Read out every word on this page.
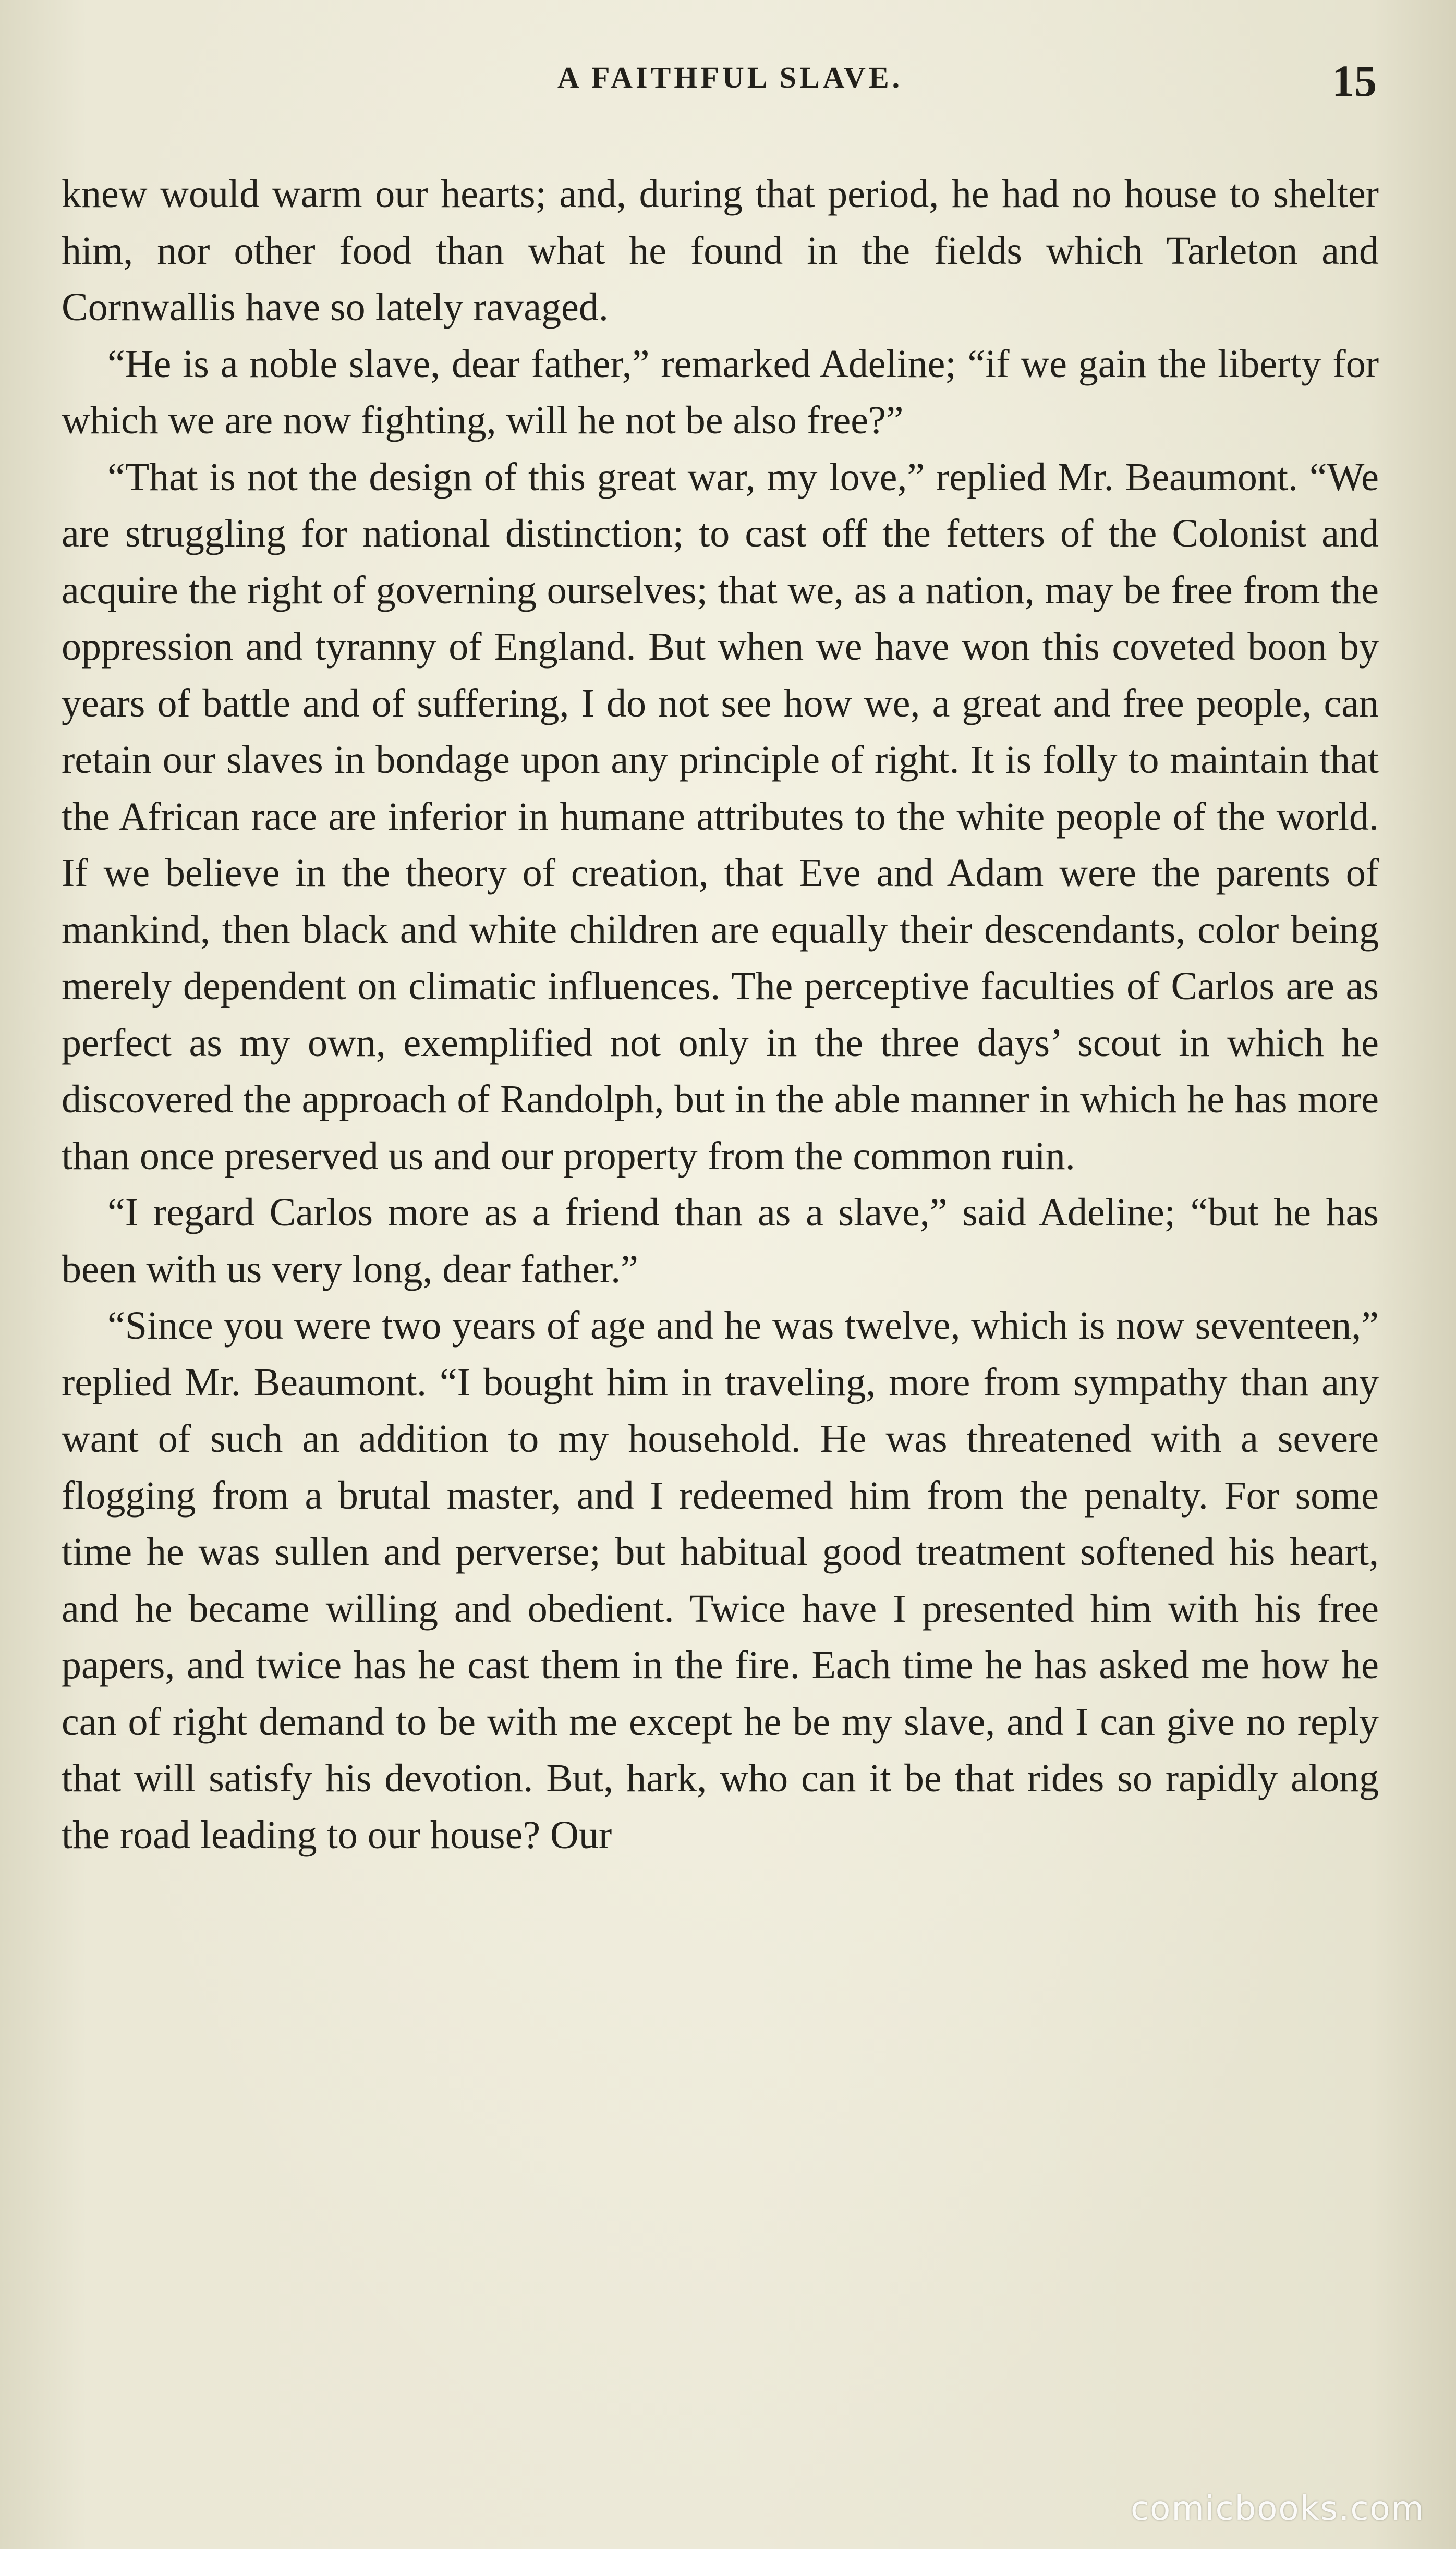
A FAITHFUL SLAVE.	15

knew would warm our hearts; and, during that period, he had no house to shelter him, nor other food than what he found in the fields which Tarleton and Cornwallis have so lately ravaged.

“He is a noble slave, dear father,” remarked Adeline; “if we gain the liberty for which we are now fighting, will he not be also free?”

“That is not the design of this great war, my love,” replied Mr. Beaumont. “We are struggling for national distinction; to cast off the fetters of the Colonist and acquire the right of governing ourselves; that we, as a nation, may be free from the oppression and tyranny of England. But when we have won this coveted boon by years of battle and of suffering, I do not see how we, a great and free people, can retain our slaves in bondage upon any principle of right. It is folly to maintain that the African race are inferior in humane attributes to the white people of the world. If we believe in the theory of creation, that Eve and Adam were the parents of mankind, then black and white children are equally their descendants, color being merely dependent on climatic influences. The perceptive faculties of Carlos are as perfect as my own, exemplified not only in the three days’ scout in which he discovered the approach of Randolph, but in the able manner in which he has more than once preserved us and our property from the common ruin.

“I regard Carlos more as a friend than as a slave,” said Adeline; “but he has been with us very long, dear father.”

“Since you were two years of age and he was twelve, which is now seventeen,” replied Mr. Beaumont. “I bought him in traveling, more from sympathy than any want of such an addition to my household. He was threatened with a severe flogging from a brutal master, and I redeemed him from the penalty. For some time he was sullen and perverse; but habitual good treatment softened his heart, and he became willing and obedient. Twice have I presented him with his free papers, and twice has he cast them in the fire. Each time he has asked me how he can of right demand to be with me except he be my slave, and I can give no reply that will satisfy his devotion. But, hark, who can it be that rides so rapidly along the road leading to our house? Our

comicbooks.com
